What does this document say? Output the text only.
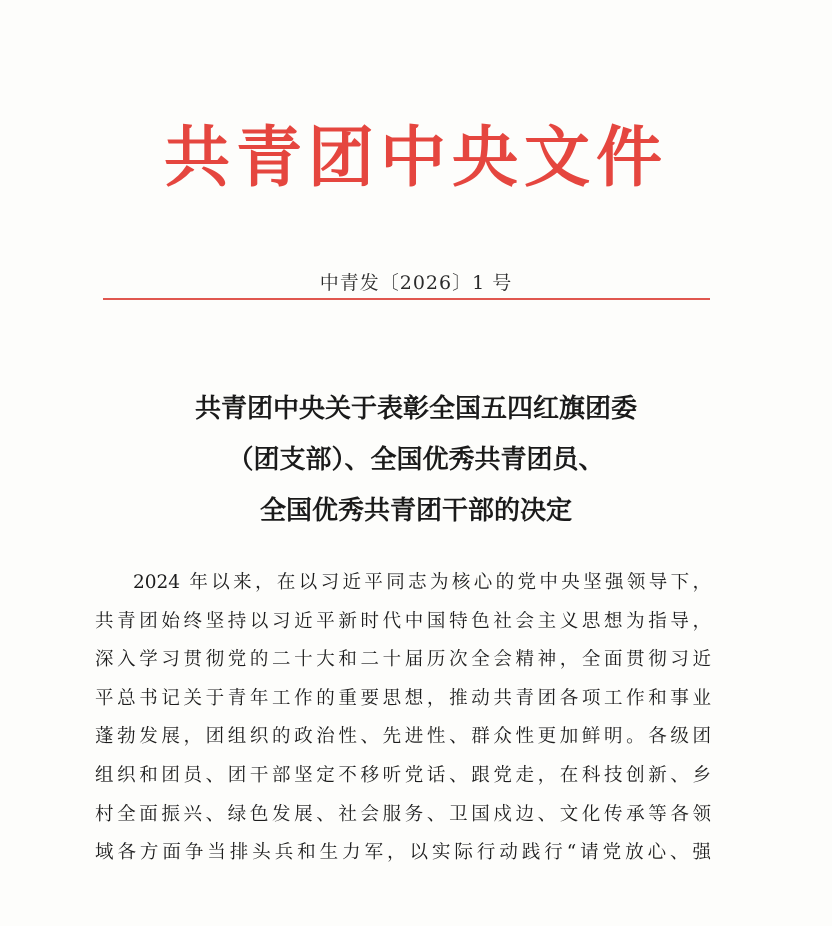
共青团中央文件
中青发〔2026〕1 号
共青团中央关于表彰全国五四红旗团委
（团支部）、全国优秀共青团员、
全国优秀共青团干部的决定
2024 年以来，在以习近平同志为核心的党中央坚强领导下，
共青团始终坚持以习近平新时代中国特色社会主义思想为指导，
深入学习贯彻党的二十大和二十届历次全会精神，全面贯彻习近
平总书记关于青年工作的重要思想，推动共青团各项工作和事业
蓬勃发展，团组织的政治性、先进性、群众性更加鲜明。各级团
组织和团员、团干部坚定不移听党话、跟党走，在科技创新、乡
村全面振兴、绿色发展、社会服务、卫国戍边、文化传承等各领
域各方面争当排头兵和生力军，以实际行动践行“请党放心、强
